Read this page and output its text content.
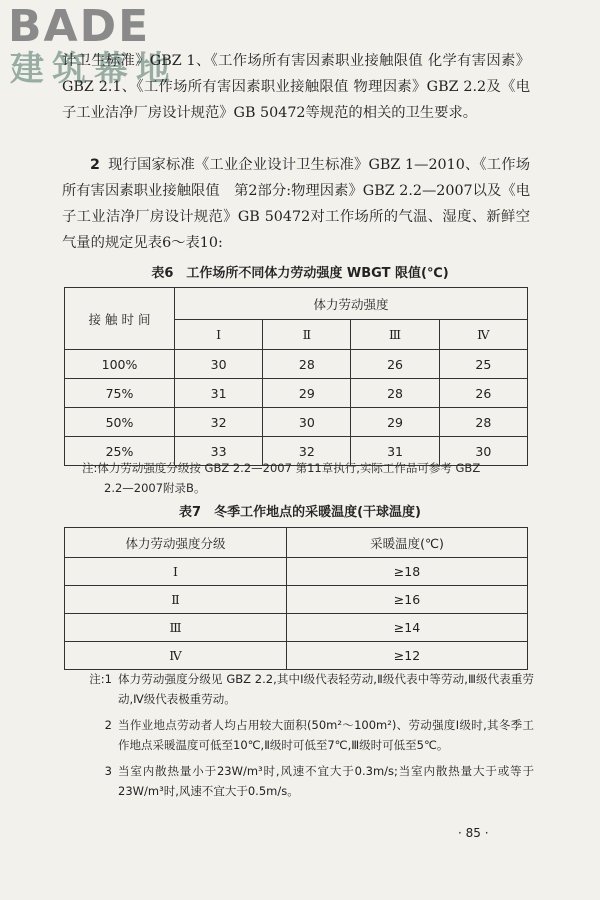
BADE
建筑幕地

计卫生标准》GBZ 1、《工作场所有害因素职业接触限值 化学有害因素》GBZ 2.1、《工作场所有害因素职业接触限值 物理因素》GBZ 2.2及《电子工业洁净厂房设计规范》GB 50472等规范的相关的卫生要求。

2 现行国家标准《工业企业设计卫生标准》GBZ 1—2010、《工作场所有害因素职业接触限值　第2部分:物理因素》GBZ 2.2—2007以及《电子工业洁净厂房设计规范》GB 50472对工作场所的气温、湿度、新鲜空气量的规定见表6～表10:

表6　工作场所不同体力劳动强度 WBGT 限值(℃)
接 触 时 间	体力劳动强度			
	Ⅰ	Ⅱ	Ⅲ	Ⅳ
100%	30	28	26	25
75%	31	29	28	26
50%	32	30	29	28
25%	33	32	31	30
注:体力劳动强度分级按 GBZ 2.2—2007 第11章执行,实际工作品可参考 GBZ
2.2—2007附录B。
表7　冬季工作地点的采暖温度(干球温度)
体力劳动强度分级	采暖温度(℃)
Ⅰ	≥18
Ⅱ	≥16
Ⅲ	≥14
Ⅳ	≥12
注:1 体力劳动强度分级见 GBZ 2.2,其中Ⅰ级代表轻劳动,Ⅱ级代表中等劳动,Ⅲ级代表重劳动,Ⅳ级代表极重劳动。
2 当作业地点劳动者人均占用较大面积(50m²～100m²)、劳动强度Ⅰ级时,其冬季工作地点采暖温度可低至10℃,Ⅱ级时可低至7℃,Ⅲ级时可低至5℃。
3 当室内散热量小于23W/m³时,风速不宜大于0.3m/s;当室内散热量大于或等于23W/m³时,风速不宜大于0.5m/s。
· 85 ·
